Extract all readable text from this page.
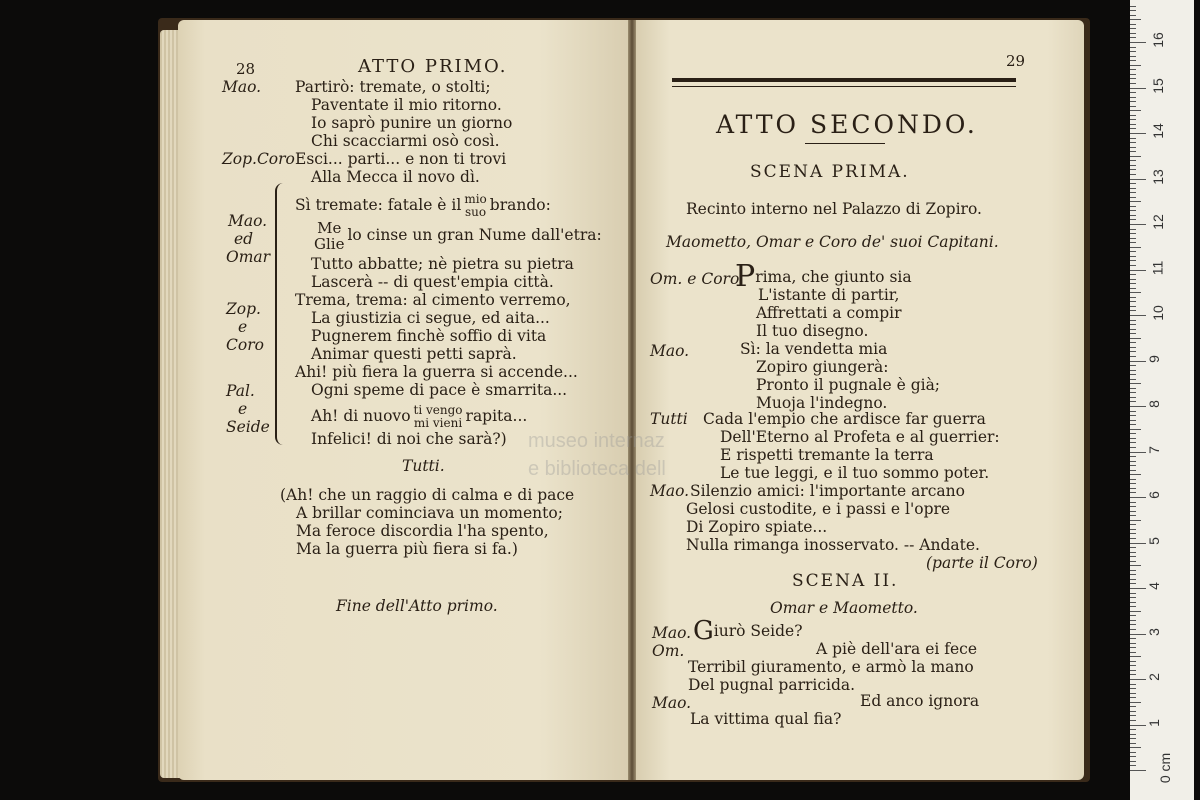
28	ATTO PRIMO.
Mao. Partirò: tremate, o stolti;
Paventate il mio ritorno.
Io saprò punire un giorno
Chi scacciarmi osò così.
Zop.Coro Esci... parti... e non ti trovi
Alla Mecca il novo dì.
Sì tremate: fatale è il mio
suo brando:
Mao.
ed
Omar
Me
Glie lo cinse un gran Nume dall'etra:
Tutto abbatte; nè pietra su pietra
Lascerà -- di quest'empia città.
Zop.
e
Coro
Trema, trema: al cimento verremo,
La giustizia ci segue, ed aita...
Pugnerem finchè soffio di vita
Animar questi petti saprà.
Ahi! più fiera la guerra si accende...
Ogni speme di pace è smarrita...
Pal.
e
Seide
Ah! di nuovo ti vengo
mi vieni rapita...
Infelici! di noi che sarà?)
Tutti.
(Ah! che un raggio di calma e di pace
A brillar cominciava un momento;
Ma feroce discordia l'ha spento,
Ma la guerra più fiera si fa.)
Fine dell'Atto primo.
29
ATTO SECONDO.
SCENA PRIMA.
Recinto interno nel Palazzo di Zopiro.
Maometto, Omar e Coro de' suoi Capitani.
Om. e Coro
Prima, che giunto sia
L'istante di partir,
Affrettati a compir
Il tuo disegno.
Mao.	Sì: la vendetta mia
Zopiro giungerà:
Pronto il pugnale è già;
Muoja l'indegno.
Tutti Cada l'empio che ardisce far guerra
Dell'Eterno al Profeta e al guerrier:
E rispetti tremante la terra
Le tue leggi, e il tuo sommo poter.
Mao. Silenzio amici: l'importante arcano
Gelosi custodite, e i passi e l'opre
Di Zopiro spiate...
Nulla rimanga inosservato. -- Andate.
(parte il Coro)
SCENA II.
Omar e Maometto.
Mao. Giurò Seide?
Om.	A piè dell'ara ei fece
Terribil giuramento, e armò la mano
Del pugnal parricida.
Mao.	Ed anco ignora
La vittima qual fia?
museo internaz
e biblioteca dell
0 cm
1
2
3
4
5
6
7
8
9
10
11
12
13
14
15
16
